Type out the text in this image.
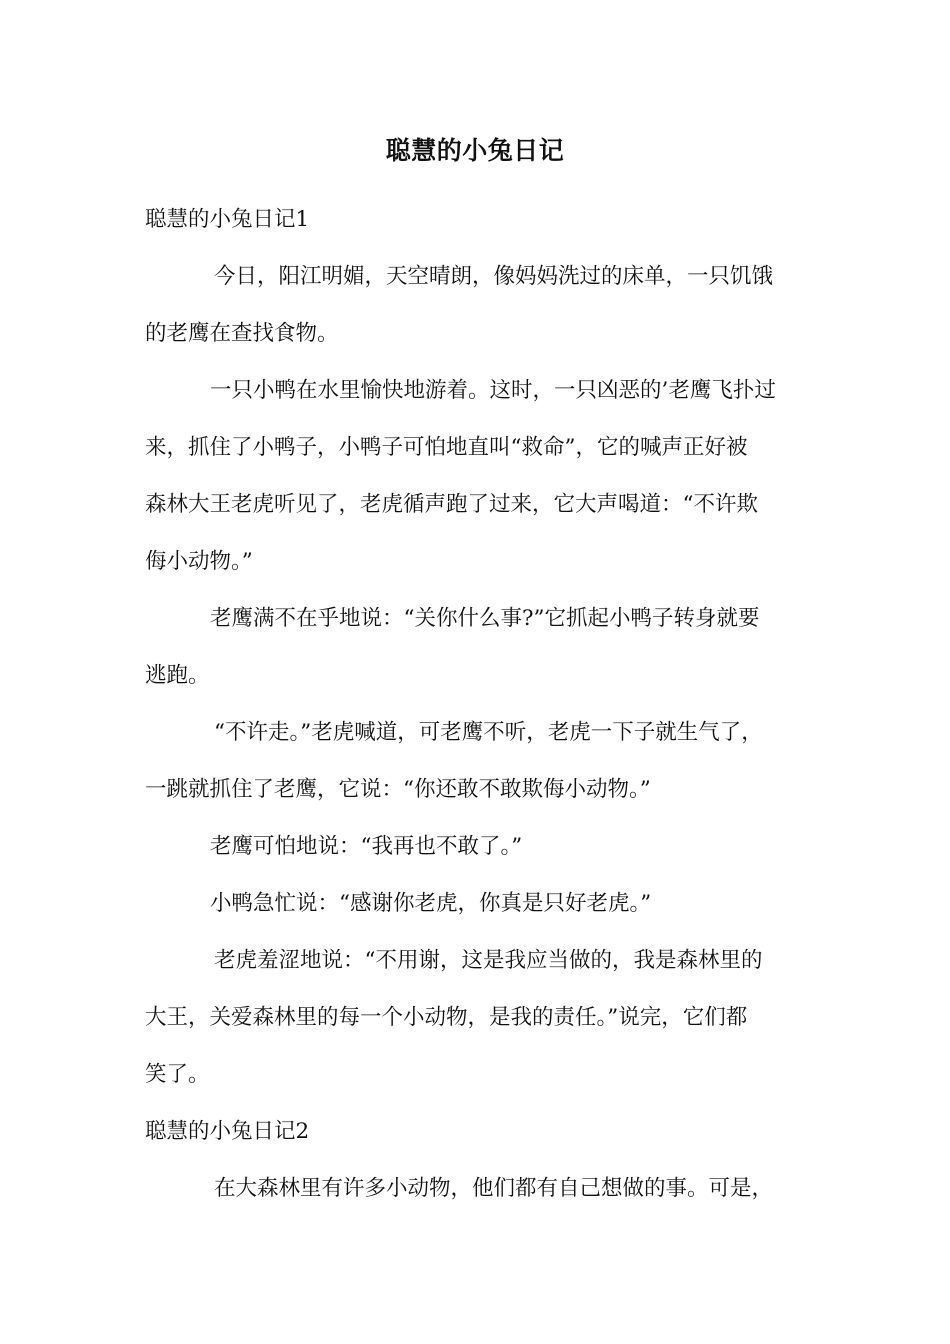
聪慧的小兔日记
聪慧的小兔日记1
今日，阳江明媚，天空晴朗，像妈妈洗过的床单，一只饥饿
的老鹰在查找食物。
一只小鸭在水里愉快地游着。这时，一只凶恶的’老鹰飞扑过
来，抓住了小鸭子，小鸭子可怕地直叫“救命”，它的喊声正好被
森林大王老虎听见了，老虎循声跑了过来，它大声喝道：“不许欺
侮小动物。”
老鹰满不在乎地说：“关你什么事?”它抓起小鸭子转身就要
逃跑。
“不许走。”老虎喊道，可老鹰不听，老虎一下子就生气了，
一跳就抓住了老鹰，它说：“你还敢不敢欺侮小动物。”
老鹰可怕地说：“我再也不敢了。”
小鸭急忙说：“感谢你老虎，你真是只好老虎。”
老虎羞涩地说：“不用谢，这是我应当做的，我是森林里的
大王，关爱森林里的每一个小动物，是我的责任。”说完，它们都
笑了。
聪慧的小兔日记2
在大森林里有许多小动物，他们都有自己想做的事。可是，
